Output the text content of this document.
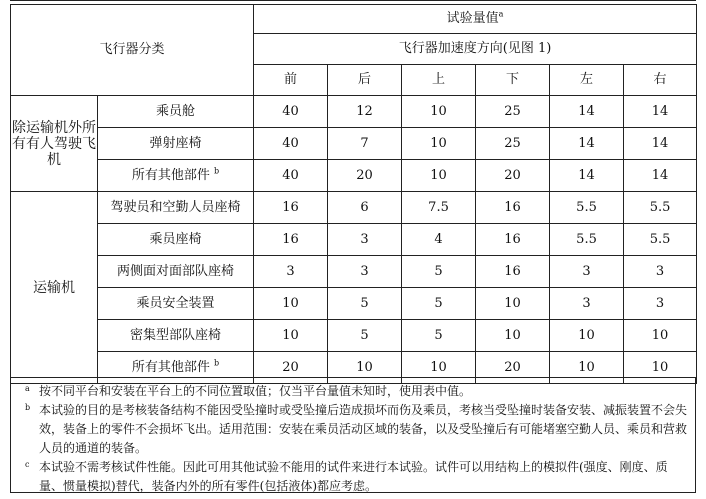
飞行器分类		试验量值$^a$
		飞行器加速度方向(见图 1)					
		前	后	上	下	左	右
除运输机外所有有人驾驶飞机	乘员舱	40	12	10	25	14	14
	弹射座椅	40	7	10	25	14	14
	所有其他部件 $^b$	40	20	10	20	14	14
运输机	驾驶员和空勤人员座椅	16	6	7.5	16	5.5	5.5
	乘员座椅	16	3	4	16	5.5	5.5
	两侧面对面部队座椅	3	3	5	16	3	3
	乘员安全装置	10	5	5	10	3	3
	密集型部队座椅	10	5	5	10	10	10
	所有其他部件 $^b$	20	10	10	20	10	10
a 按不同平台和安装在平台上的不同位置取值；仅当平台量值未知时，使用表中值。
b 本试验的目的是考核装备结构不能因受坠撞时或受坠撞后造成损坏而伤及乘员，考核当受坠撞时装备安装、减振装置不会失效，装备上的零件不会损坏飞出。适用范围：安装在乘员活动区域的装备，以及受坠撞后有可能堵塞空勤人员、乘员和营救人员的通道的装备。
c 本试验不需考核试件性能。因此可用其他试验不能用的试件来进行本试验。试件可以用结构上的模拟件(强度、刚度、质量、惯量模拟)替代，装备内外的所有零件(包括液体)都应考虑。
